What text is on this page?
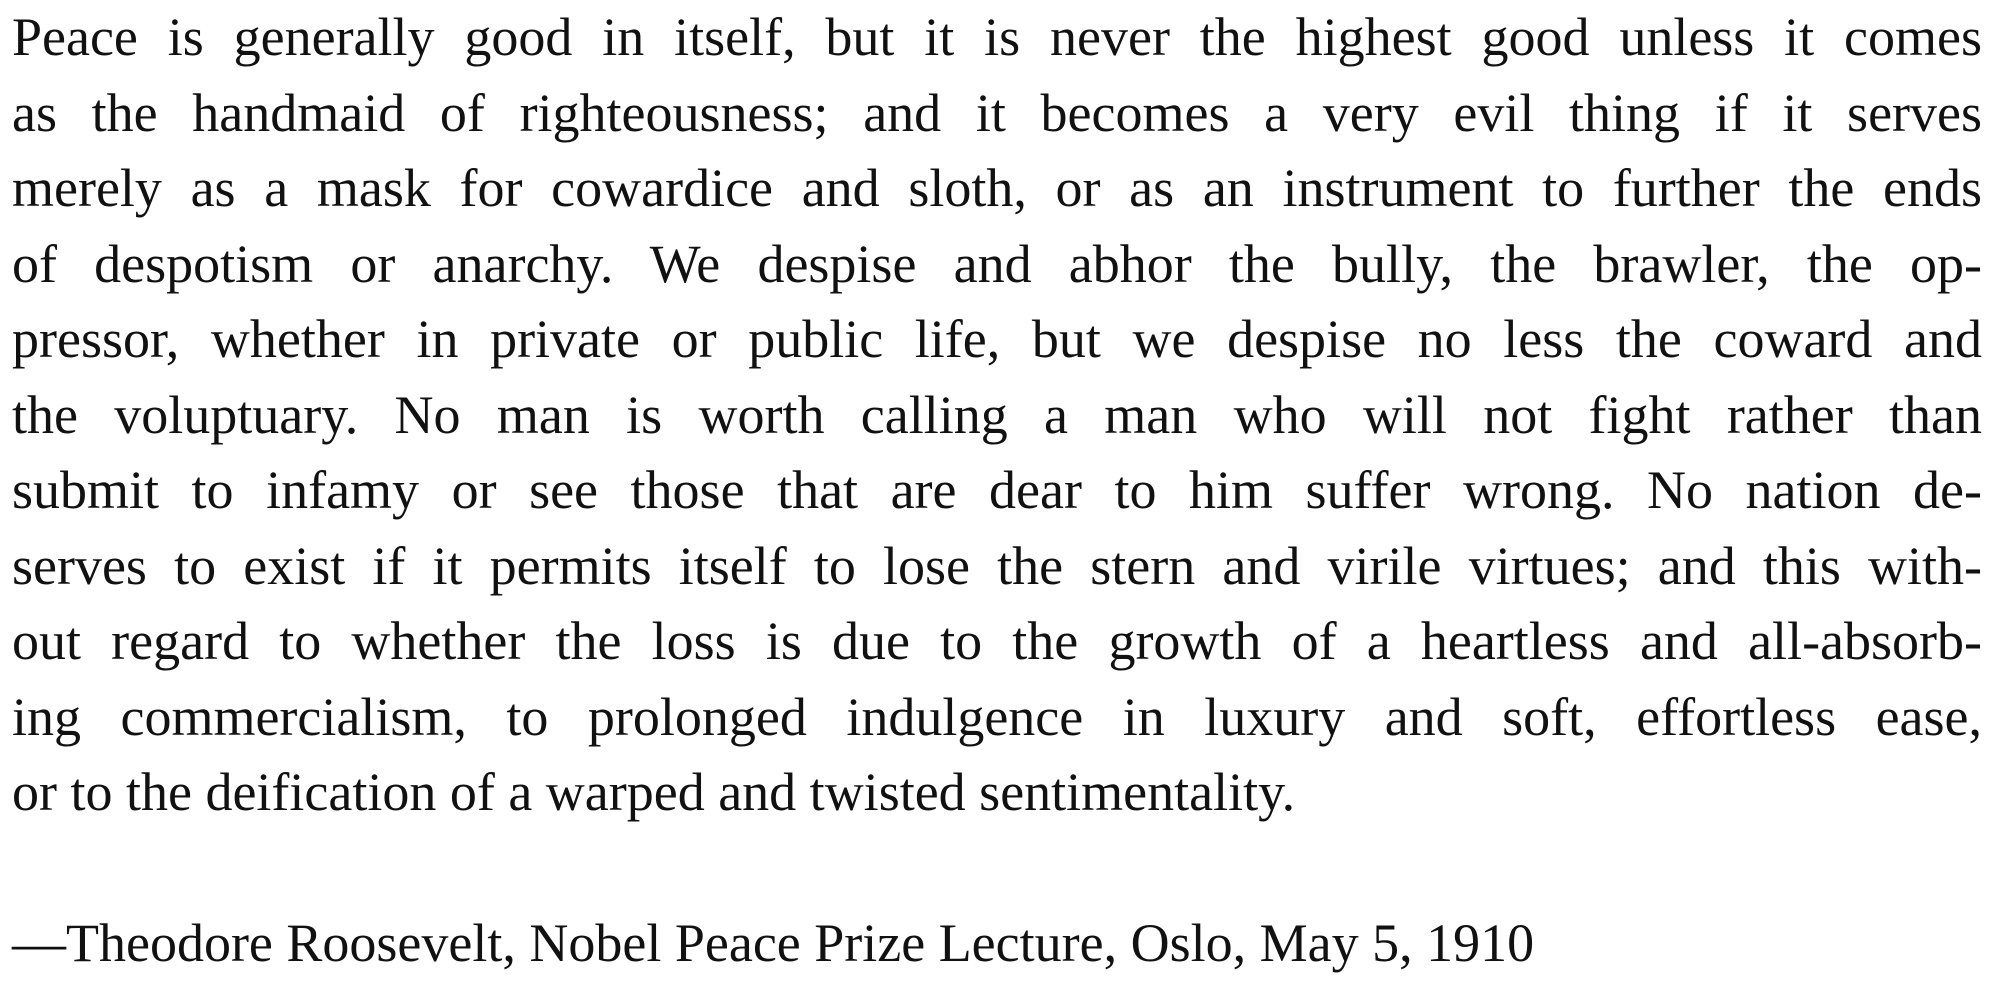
Peace is generally good in itself, but it is never the highest good unless it comes
as the handmaid of righteousness; and it becomes a very evil thing if it serves
merely as a mask for cowardice and sloth, or as an instrument to further the ends
of despotism or anarchy. We despise and abhor the bully, the brawler, the op-
pressor, whether in private or public life, but we despise no less the coward and
the voluptuary. No man is worth calling a man who will not fight rather than
submit to infamy or see those that are dear to him suffer wrong. No nation de-
serves to exist if it permits itself to lose the stern and virile virtues; and this with-
out regard to whether the loss is due to the growth of a heartless and all-absorb-
ing commercialism, to prolonged indulgence in luxury and soft, effortless ease,
or to the deification of a warped and twisted sentimentality.
—Theodore Roosevelt, Nobel Peace Prize Lecture, Oslo, May 5, 1910
